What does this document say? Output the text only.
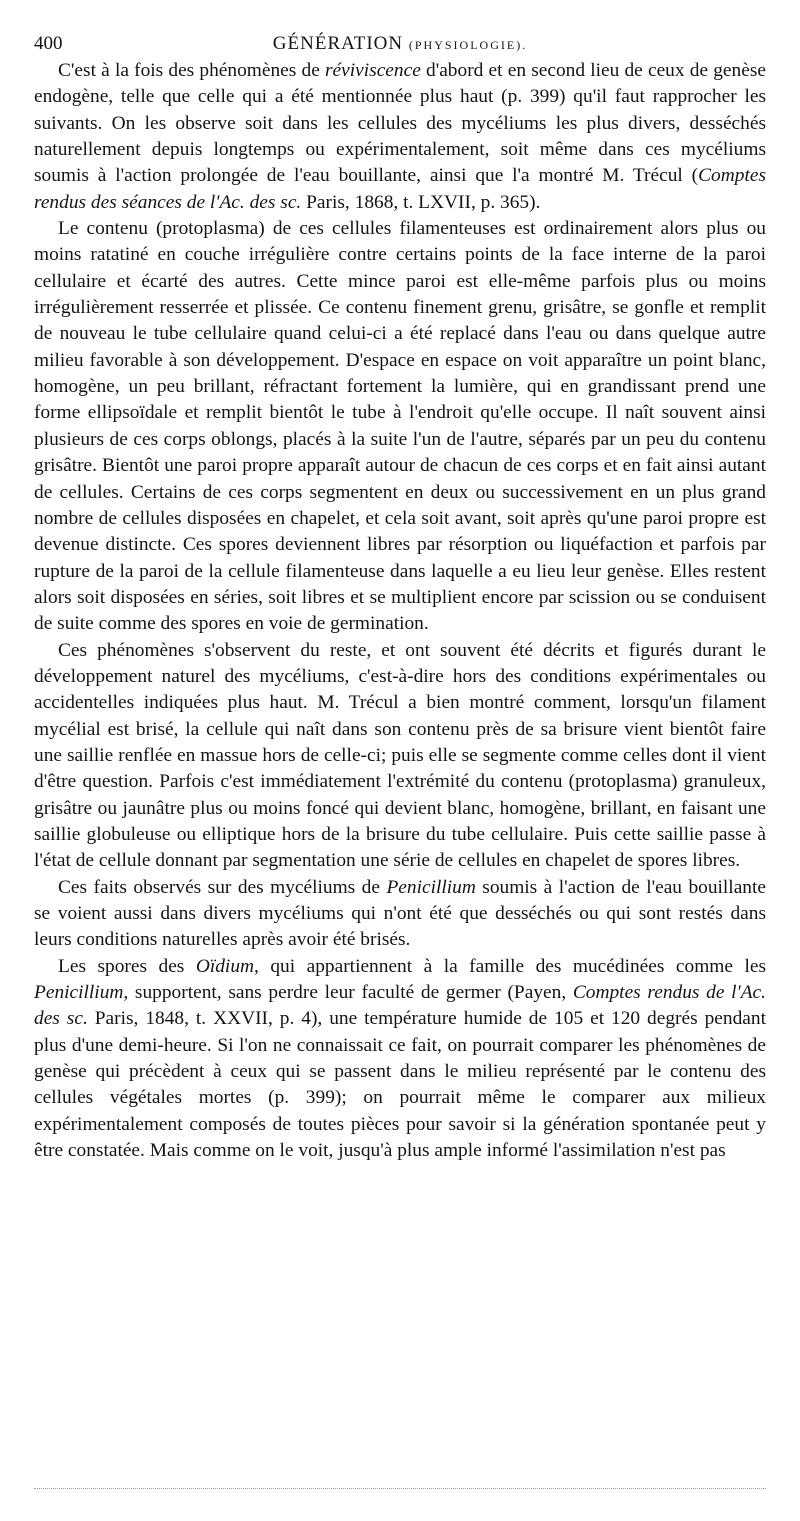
400	GÉNÉRATION (PHYSIOLOGIE).

C'est à la fois des phénomènes de réviviscence d'abord et en second lieu de ceux de genèse endogène, telle que celle qui a été mentionnée plus haut (p. 399) qu'il faut rapprocher les suivants. On les observe soit dans les cellules des mycéliums les plus divers, desséchés naturellement depuis longtemps ou expérimentalement, soit même dans ces mycéliums soumis à l'action prolongée de l'eau bouillante, ainsi que l'a montré M. Trécul (Comptes rendus des séances de l'Ac. des sc. Paris, 1868, t. LXVII, p. 365).

Le contenu (protoplasma) de ces cellules filamenteuses est ordinairement alors plus ou moins ratatiné en couche irrégulière contre certains points de la face interne de la paroi cellulaire et écarté des autres. Cette mince paroi est elle-même parfois plus ou moins irrégulièrement resserrée et plissée. Ce contenu finement grenu, grisâtre, se gonfle et remplit de nouveau le tube cellulaire quand celui-ci a été replacé dans l'eau ou dans quelque autre milieu favorable à son développement. D'espace en espace on voit apparaître un point blanc, homogène, un peu brillant, réfractant fortement la lumière, qui en grandissant prend une forme ellipsoïdale et remplit bientôt le tube à l'endroit qu'elle occupe. Il naît souvent ainsi plusieurs de ces corps oblongs, placés à la suite l'un de l'autre, séparés par un peu du contenu grisâtre. Bientôt une paroi propre apparaît autour de chacun de ces corps et en fait ainsi autant de cellules. Certains de ces corps segmentent en deux ou successivement en un plus grand nombre de cellules disposées en chapelet, et cela soit avant, soit après qu'une paroi propre est devenue distincte. Ces spores deviennent libres par résorption ou liquéfaction et parfois par rupture de la paroi de la cellule filamenteuse dans laquelle a eu lieu leur genèse. Elles restent alors soit disposées en séries, soit libres et se multiplient encore par scission ou se conduisent de suite comme des spores en voie de germination.

Ces phénomènes s'observent du reste, et ont souvent été décrits et figurés durant le développement naturel des mycéliums, c'est-à-dire hors des conditions expérimentales ou accidentelles indiquées plus haut. M. Trécul a bien montré comment, lorsqu'un filament mycélial est brisé, la cellule qui naît dans son contenu près de sa brisure vient bientôt faire une saillie renflée en massue hors de celle-ci; puis elle se segmente comme celles dont il vient d'être question. Parfois c'est immédiatement l'extrémité du contenu (protoplasma) granuleux, grisâtre ou jaunâtre plus ou moins foncé qui devient blanc, homogène, brillant, en faisant une saillie globuleuse ou elliptique hors de la brisure du tube cellulaire. Puis cette saillie passe à l'état de cellule donnant par segmentation une série de cellules en chapelet de spores libres.

Ces faits observés sur des mycéliums de Penicillium soumis à l'action de l'eau bouillante se voient aussi dans divers mycéliums qui n'ont été que desséchés ou qui sont restés dans leurs conditions naturelles après avoir été brisés.

Les spores des Oïdium, qui appartiennent à la famille des mucédinées comme les Penicillium, supportent, sans perdre leur faculté de germer (Payen, Comptes rendus de l'Ac. des sc. Paris, 1848, t. XXVII, p. 4), une température humide de 105 et 120 degrés pendant plus d'une demi-heure. Si l'on ne connaissait ce fait, on pourrait comparer les phénomènes de genèse qui précèdent à ceux qui se passent dans le milieu représenté par le contenu des cellules végétales mortes (p. 399); on pourrait même le comparer aux milieux expérimentalement composés de toutes pièces pour savoir si la génération spontanée peut y être constatée. Mais comme on le voit, jusqu'à plus ample informé l'assimilation n'est pas
